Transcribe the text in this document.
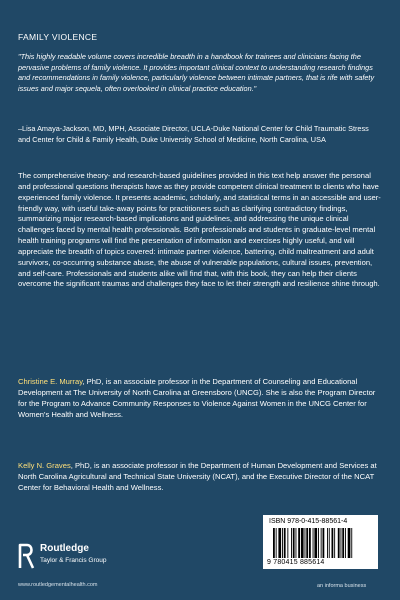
FAMILY VIOLENCE

"This highly readable volume covers incredible breadth in a handbook for trainees and clinicians facing the pervasive problems of family violence. It provides important clinical context to understanding research findings and recommendations in family violence, particularly violence between intimate partners, that is rife with safety issues and major sequela, often overlooked in clinical practice education."

–Lisa Amaya-Jackson, MD, MPH, Associate Director, UCLA-Duke National Center for Child Traumatic Stress and Center for Child & Family Health, Duke University School of Medicine, North Carolina, USA

The comprehensive theory- and research-based guidelines provided in this text help answer the personal and professional questions therapists have as they provide competent clinical treatment to clients who have experienced family violence. It presents academic, scholarly, and statistical terms in an accessible and user-friendly way, with useful take-away points for practitioners such as clarifying contradictory findings, summarizing major research-based implications and guidelines, and addressing the unique clinical challenges faced by mental health professionals. Both professionals and students in graduate-level mental health training programs will find the presentation of information and exercises highly useful, and will appreciate the breadth of topics covered: intimate partner violence, battering, child maltreatment and adult survivors, co-occurring substance abuse, the abuse of vulnerable populations, cultural issues, prevention, and self-care. Professionals and students alike will find that, with this book, they can help their clients overcome the significant traumas and challenges they face to let their strength and resilience shine through.

Christine E. Murray, PhD, is an associate professor in the Department of Counseling and Educational Development at The University of North Carolina at Greensboro (UNCG). She is also the Program Director for the Program to Advance Community Responses to Violence Against Women in the UNCG Center for Women's Health and Wellness.

Kelly N. Graves, PhD, is an associate professor in the Department of Human Development and Services at North Carolina Agricultural and Technical State University (NCAT), and the Executive Director of the NCAT Center for Behavioral Health and Wellness.

Routledge
Taylor & Francis Group
www.routledgementalhealth.com
ISBN 978-0-415-88561-4
9 780415 885614
an informa business
